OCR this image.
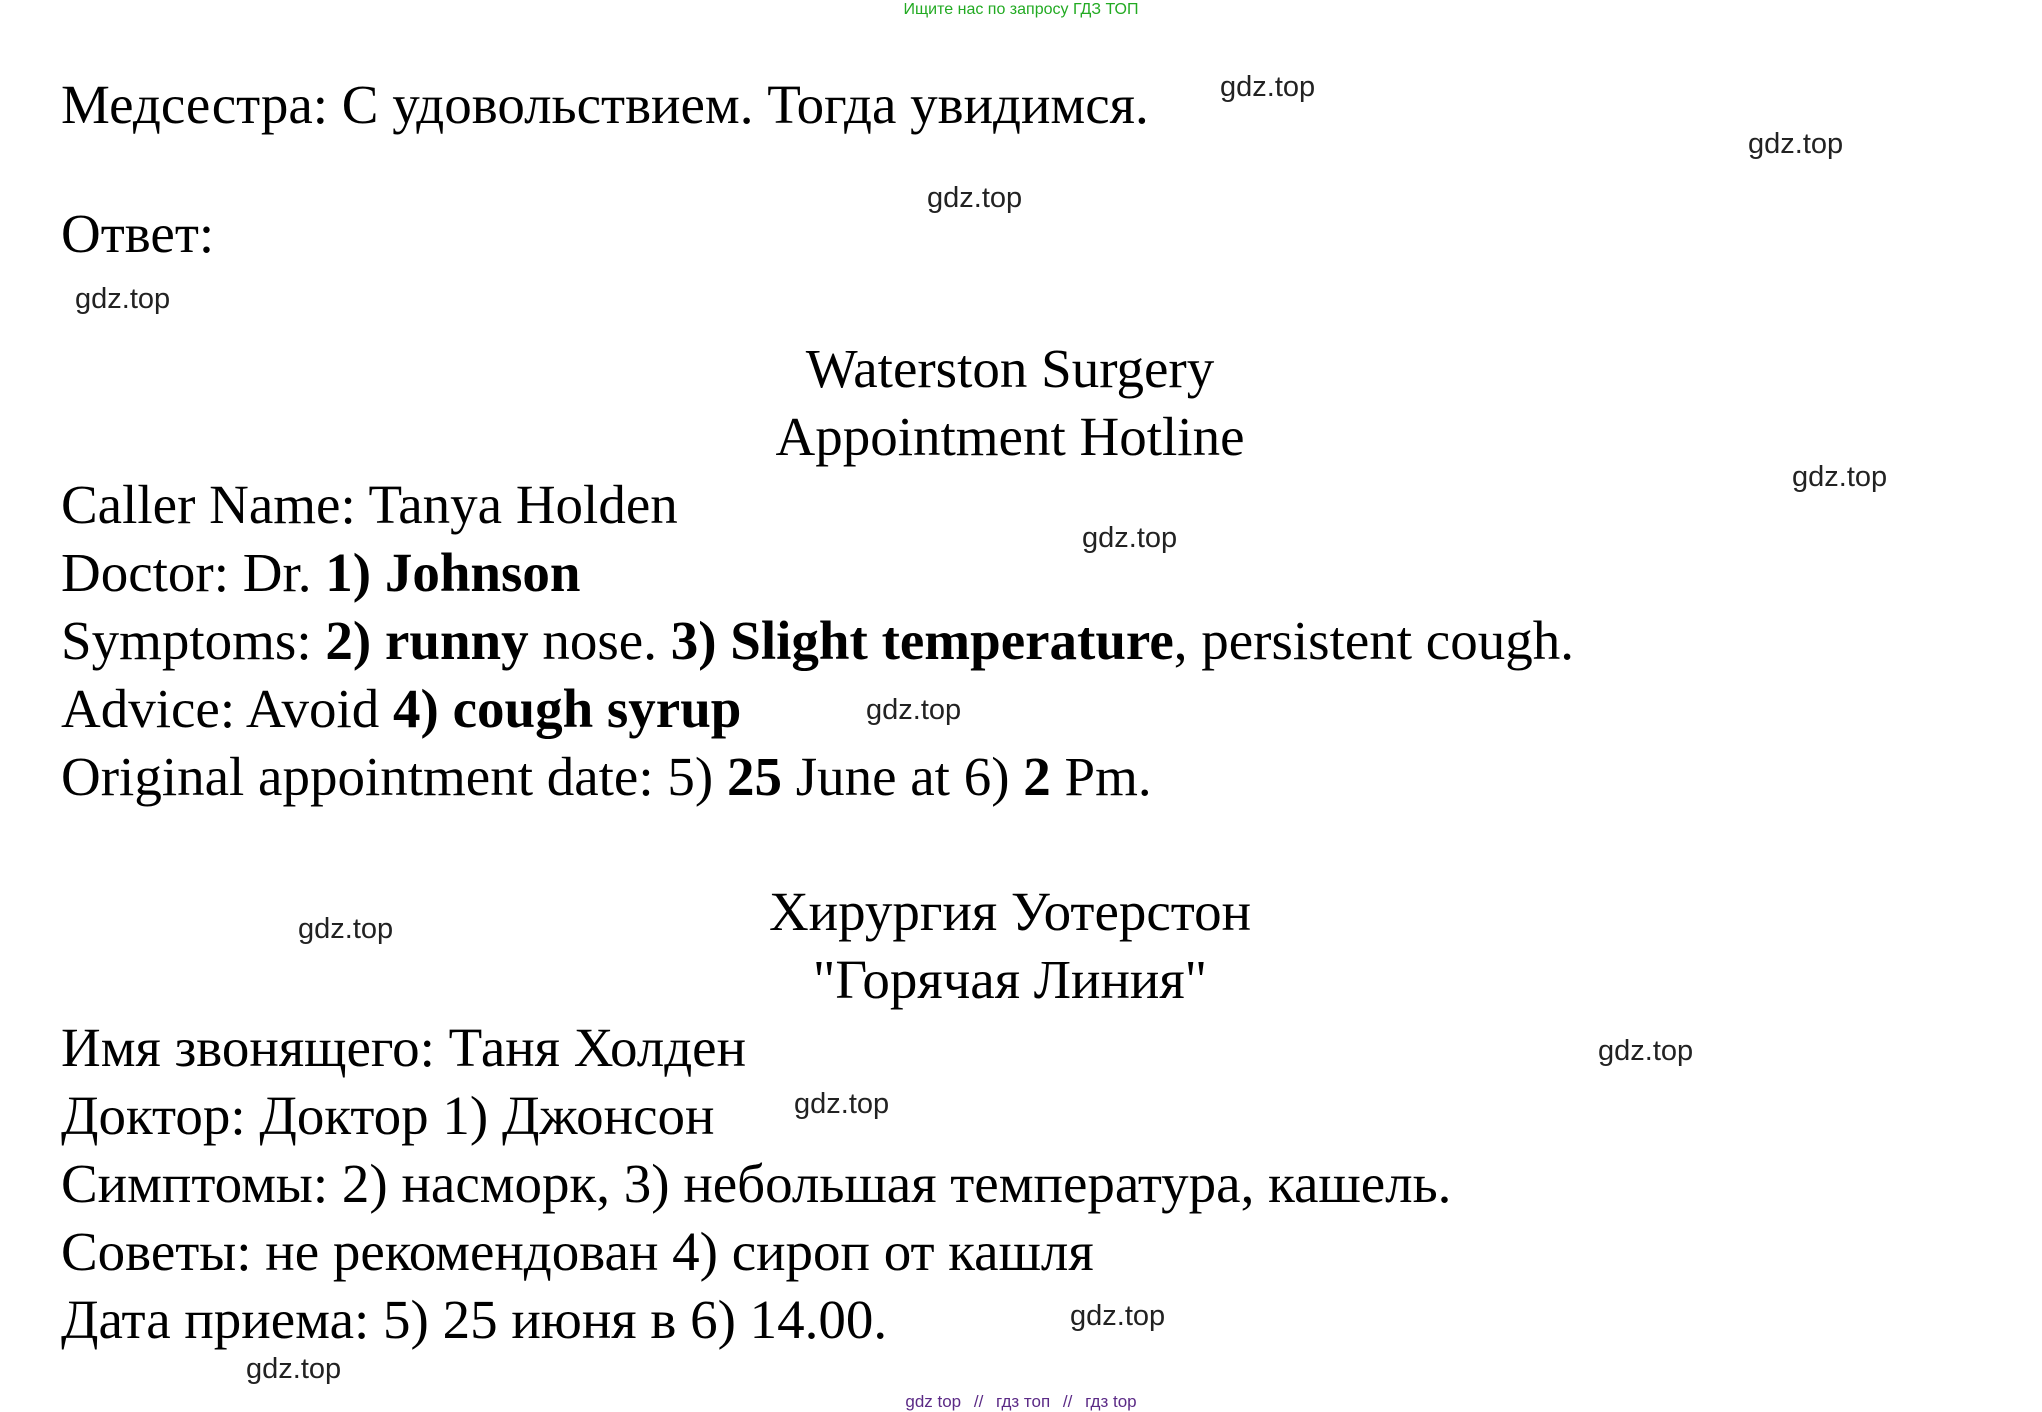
Ищите нас по запросу ГДЗ ТОП
Медсестра: С удовольствием. Тогда увидимся.
Ответ:
Waterston Surgery
Appointment Hotline
Caller Name: Tanya Holden
Doctor: Dr. 1) Johnson
Symptoms: 2) runny nose. 3) Slight temperature, persistent cough.
Advice: Avoid 4) cough syrup
Original appointment date: 5) 25 June at 6) 2 Pm.
Хирургия Уотерстон
"Горячая Линия"
Имя звонящего: Таня Холден
Доктор: Доктор 1) Джонсон
Симптомы: 2) насморк, 3) небольшая температура, кашель.
Советы: не рекомендован 4) сироп от кашля
Дата приема: 5) 25 июня в 6) 14.00.
gdz.top
gdz.top
gdz.top
gdz.top
gdz.top
gdz.top
gdz.top
gdz.top
gdz.top
gdz.top
gdz.top
gdz.top
gdz top // гдз топ // гдз top
